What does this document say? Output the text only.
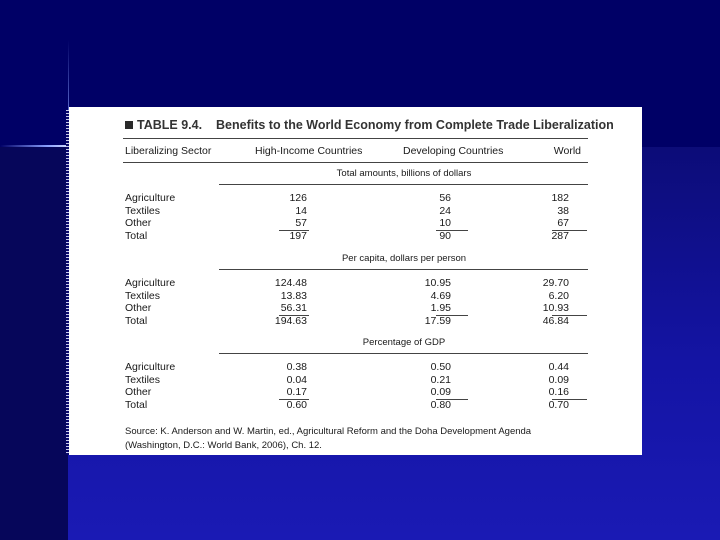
TABLE 9.4. Benefits to the World Economy from Complete Trade Liberalization
Liberalizing Sector	High-Income Countries	Developing Countries	World
Total amounts, billions of dollars
Agriculture	126	56	182
Textiles	14	24	38
Other	57	10	67
Total	197	90	287
Per capita, dollars per person
Agriculture	124.48	10.95	29.70
Textiles	13.83	4.69	6.20
Other	56.31	1.95	10.93
Total	194.63	17.59	46.84
Percentage of GDP
Agriculture	0.38	0.50	0.44
Textiles	0.04	0.21	0.09
Other	0.17	0.09	0.16
Total	0.60	0.80	0.70
Source: K. Anderson and W. Martin, ed., Agricultural Reform and the Doha Development Agenda
(Washington, D.C.: World Bank, 2006), Ch. 12.
